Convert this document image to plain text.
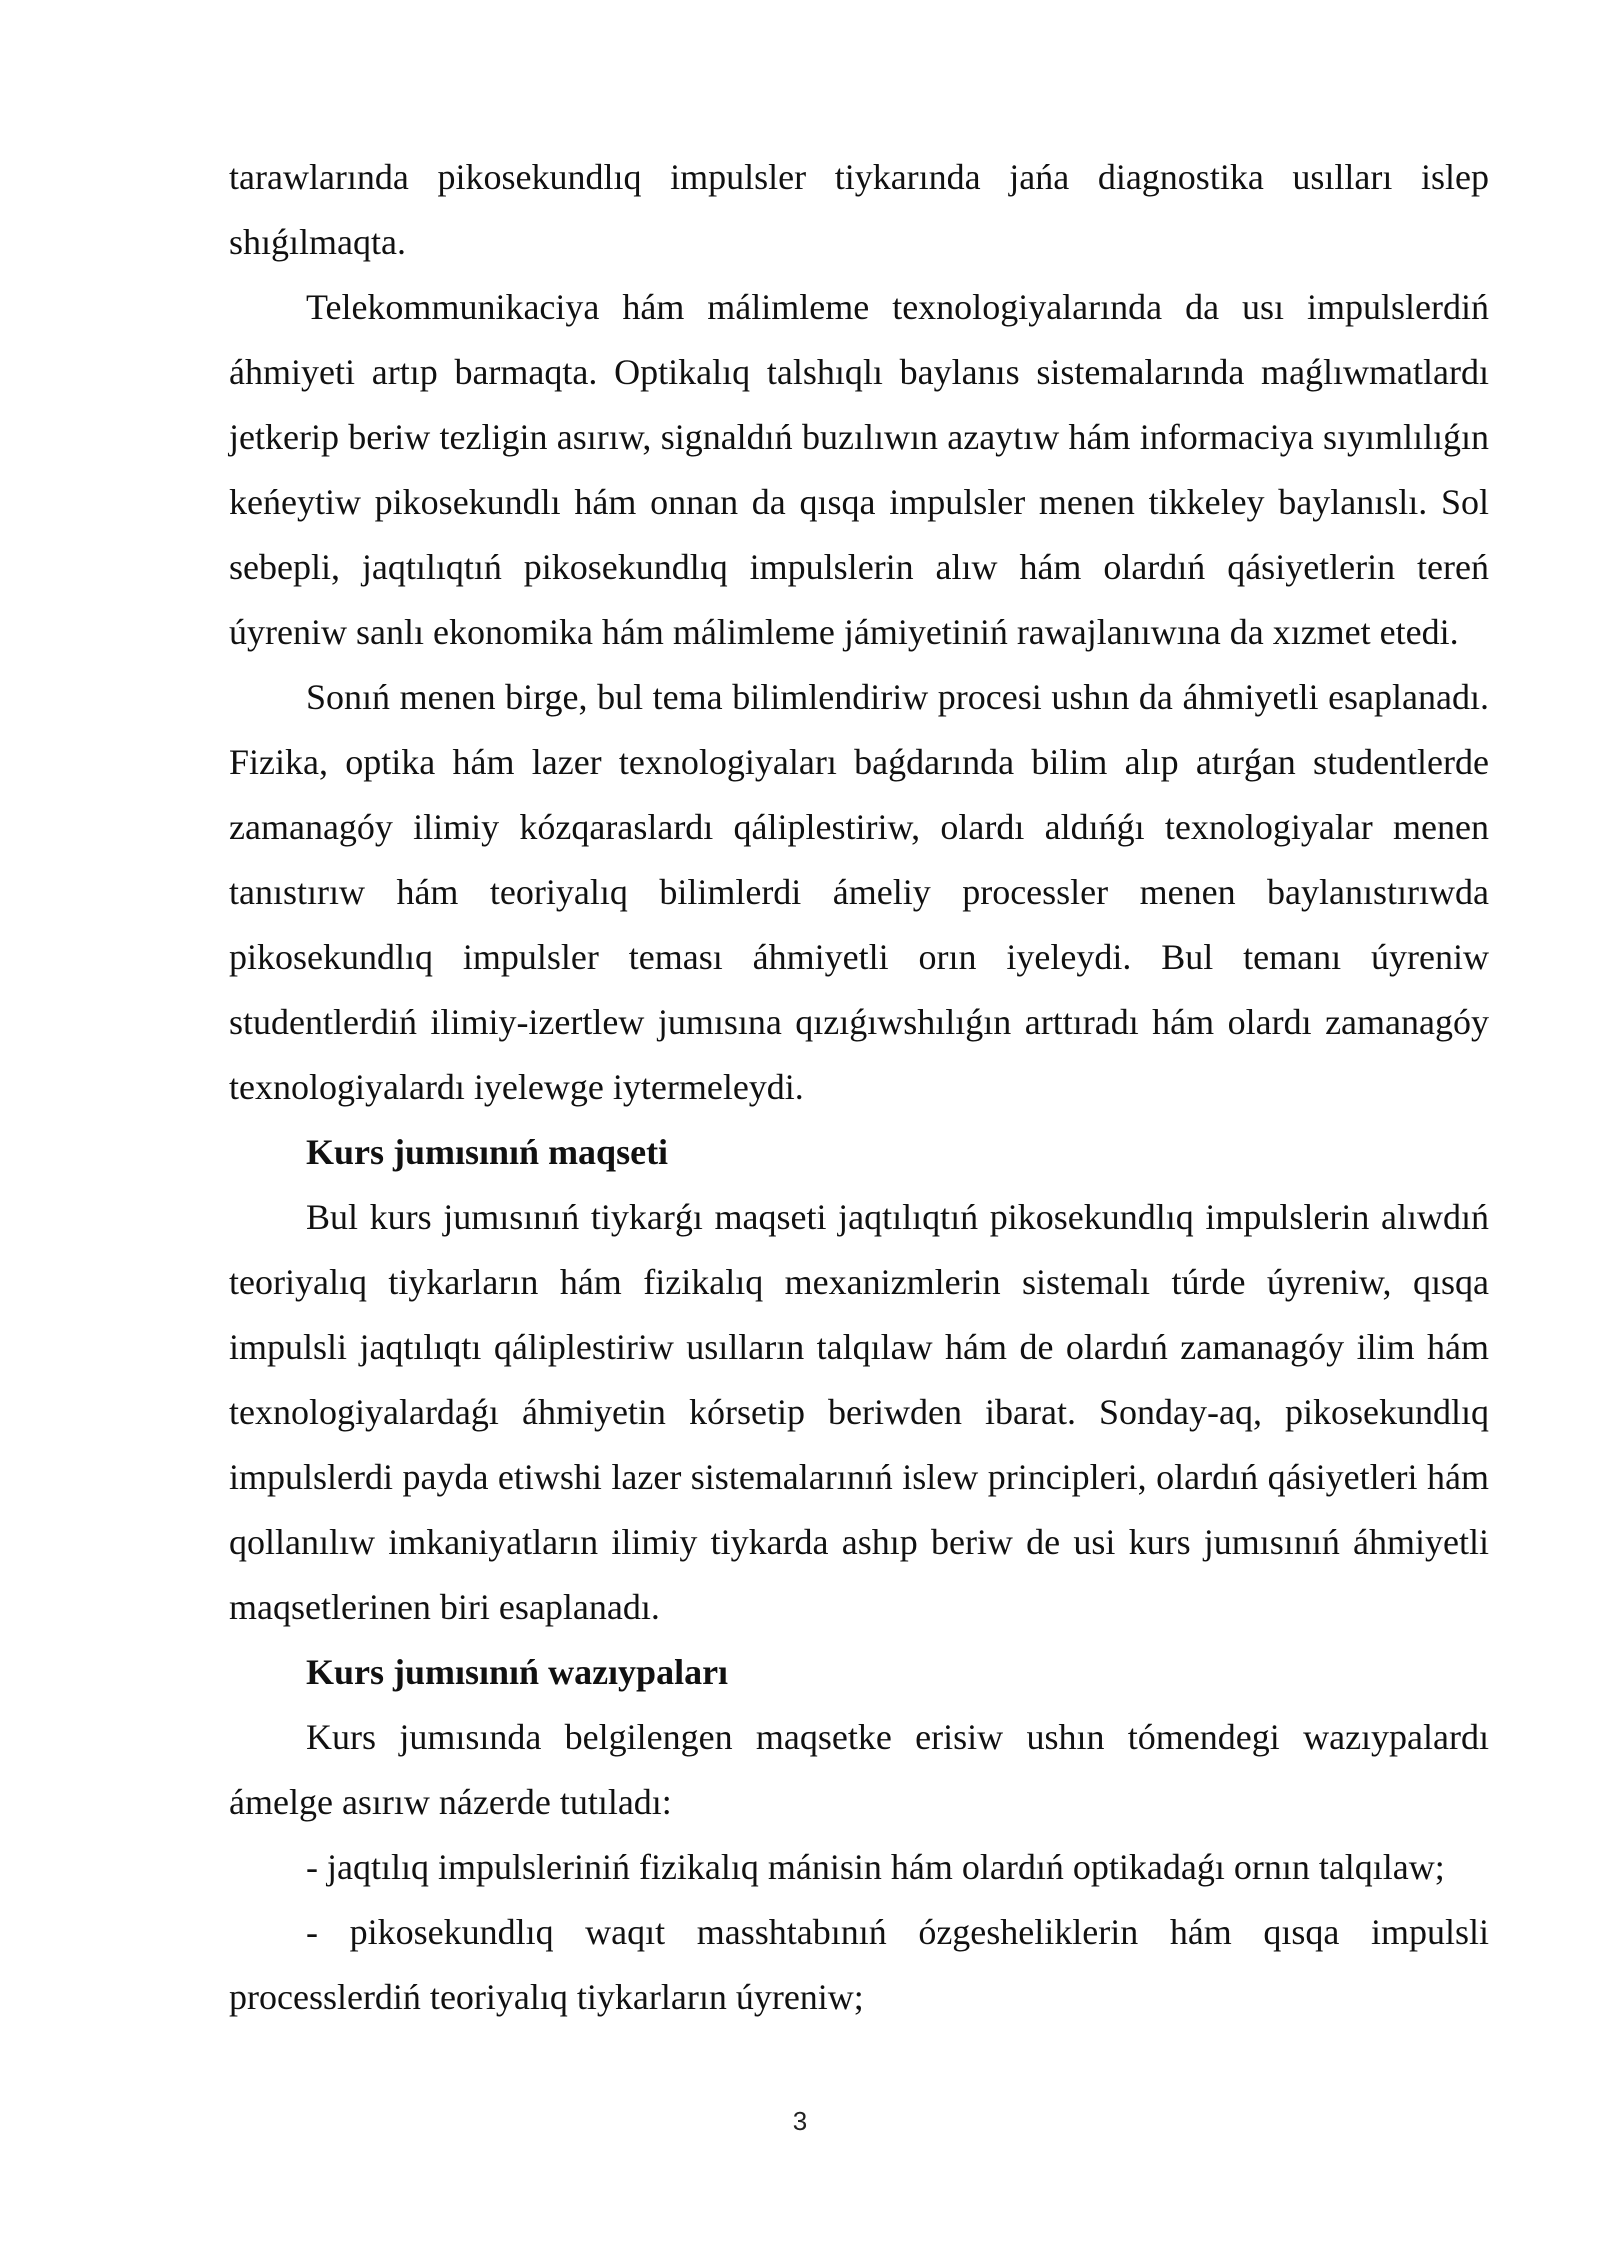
tarawlarında pikosekundlıq impulsler tiykarında jańa diagnostika usılları islep shıǵılmaqta.

Telekommunikaciya hám málimleme texnologiyalarında da usı impulslerdiń áhmiyeti artıp barmaqta. Optikalıq talshıqlı baylanıs sistemalarında maǵlıwmatlardı jetkerip beriw tezligin asırıw, signaldıń buzılıwın azaytıw hám informaciya sıyımlılıǵın keńeytiw pikosekundlı hám onnan da qısqa impulsler menen tikkeley baylanıslı. Sol sebepli, jaqtılıqtıń pikosekundlıq impulslerin alıw hám olardıń qásiyetlerin tereń úyreniw sanlı ekonomika hám málimleme jámiyetiniń rawajlanıwına da xızmet etedi.

Sonıń menen birge, bul tema bilimlendiriw procesi ushın da áhmiyetli esaplanadı. Fizika, optika hám lazer texnologiyaları baǵdarında bilim alıp atırǵan studentlerde zamanagóy ilimiy kózqaraslardı qáliplestiriw, olardı aldıńǵı texnologiyalar menen tanıstırıw hám teoriyalıq bilimlerdi ámeliy processler menen baylanıstırıwda pikosekundlıq impulsler teması áhmiyetli orın iyeleydi. Bul temanı úyreniw studentlerdiń ilimiy-izertlew jumısına qızıǵıwshılıǵın arttıradı hám olardı zamanagóy texnologiyalardı iyelewge iytermeleydi.

Kurs jumısınıń maqseti

Bul kurs jumısınıń tiykarǵı maqseti jaqtılıqtıń pikosekundlıq impulslerin alıwdıń teoriyalıq tiykarların hám fizikalıq mexanizmlerin sistemalı túrde úyreniw, qısqa impulsli jaqtılıqtı qáliplestiriw usılların talqılaw hám de olardıń zamanagóy ilim hám texnologiyalardaǵı áhmiyetin kórsetip beriwden ibarat. Sonday-aq, pikosekundlıq impulslerdi payda etiwshi lazer sistemalarınıń islew principleri, olardıń qásiyetleri hám qollanılıw imkaniyatların ilimiy tiykarda ashıp beriw de usi kurs jumısınıń áhmiyetli maqsetlerinen biri esaplanadı.

Kurs jumısınıń wazıypaları

Kurs jumısında belgilengen maqsetke erisiw ushın tómendegi wazıypalardı ámelge asırıw názerde tutıladı:

- jaqtılıq impulsleriniń fizikalıq mánisin hám olardıń optikadaǵı ornın talqılaw;

- pikosekundlıq waqıt masshtabınıń ózgesheliklerin hám qısqa impulsli processlerdiń teoriyalıq tiykarların úyreniw;

3
